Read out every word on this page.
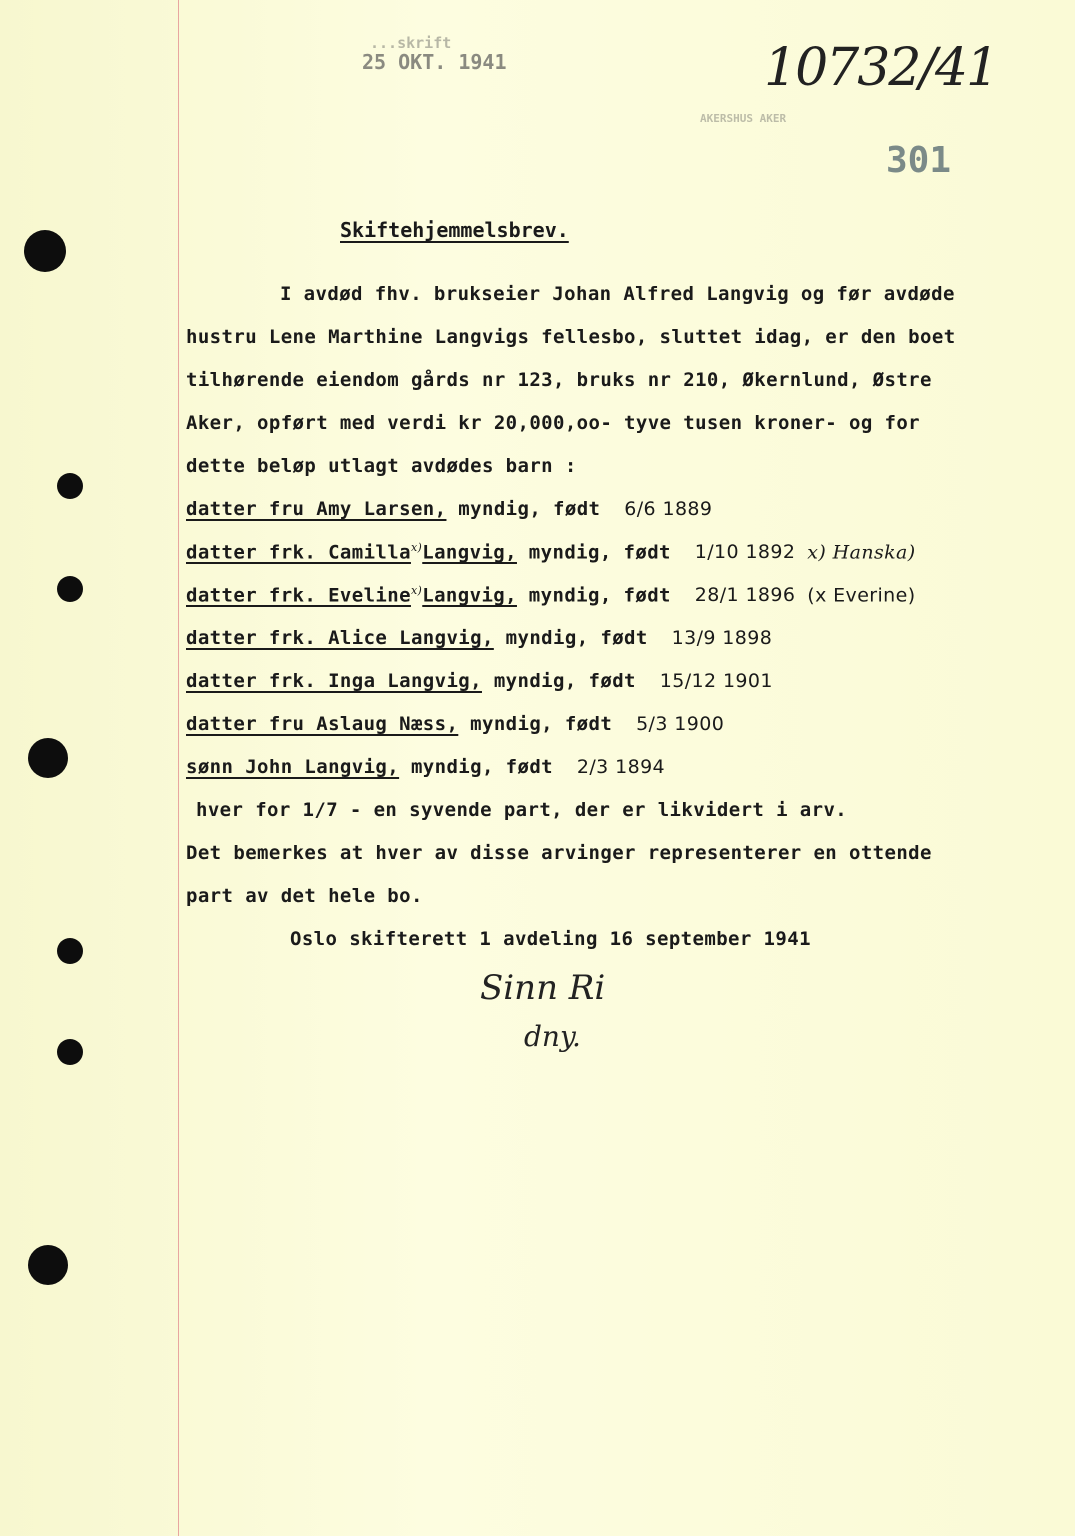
...skrift
25 OKT. 1941
AKERSHUS AKER
301
10732/41
Skiftehjemmelsbrev.
I avdød fhv. brukseier Johan Alfred Langvig og før avdøde
hustru Lene Marthine Langvigs fellesbo, sluttet idag, er den boet
tilhørende eiendom gårds nr 123, bruks nr 210, Økernlund, Østre
Aker, opført med verdi kr 20,000,oo- tyve tusen kroner- og for
dette beløp utlagt avdødes barn :
datter fru Amy Larsen, myndig, født 6/6 1889
datter frk. Camilla$^{x)}$Langvig, myndig, født 1/10 1892 x) Hanska)
datter frk. Eveline$^{x)}$Langvig, myndig, født 28/1 1896 (x Everine)
datter frk. Alice Langvig, myndig, født 13/9 1898
datter frk. Inga Langvig, myndig, født 15/12 1901
datter fru Aslaug Næss, myndig, født 5/3 1900
sønn John Langvig, myndig, født 2/3 1894
hver for 1/7 - en syvende part, der er likvidert i arv.
Det bemerkes at hver av disse arvinger representerer en ottende
part av det hele bo.
Oslo skifterett 1 avdeling 16 september 1941
Sinn Ri
dny.
